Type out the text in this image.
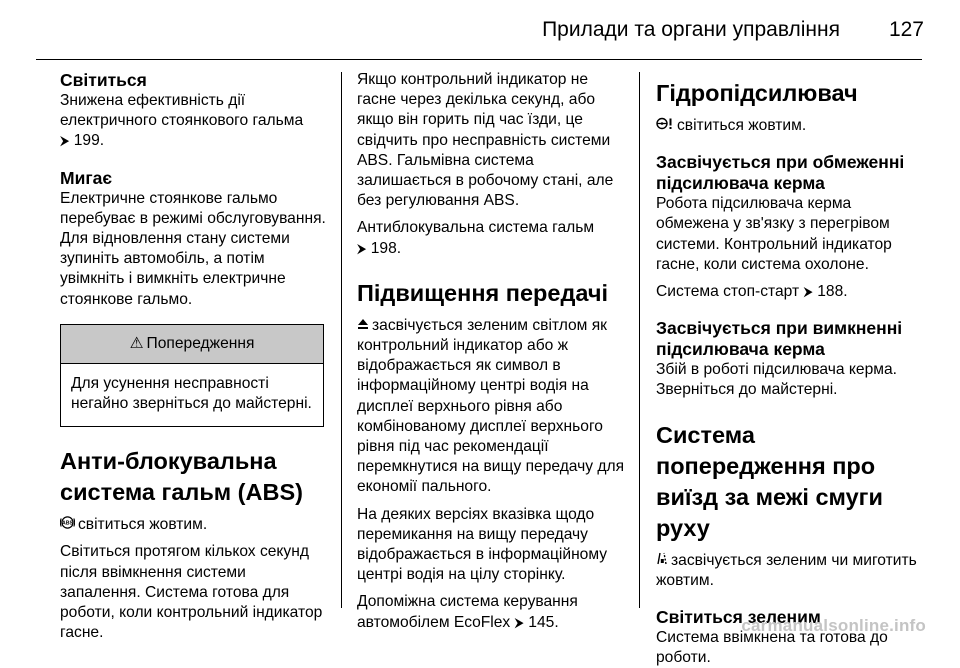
Прилади та органи управління	127

Світиться

Знижена ефективність дії електричного стоянкового гальма
⮞ 199.

Мигає

Електричне стоянкове гальмо перебуває в режимі обслуговування. Для відновлення стану системи зупиніть автомобіль, а потім увімкніть і вимкніть електричне стоянкове гальмо.

⚠ Попередження
Для усунення несправності негайно зверніться до майстерні.

Анти-блокувальна система гальм (ABS)

ABS світиться жовтим.

Світиться протягом кількох секунд після ввімкнення системи запалення. Система готова для роботи, коли контрольний індикатор гасне.

Якщо контрольний індикатор не гасне через декілька секунд, або якщо він горить під час їзди, це свідчить про несправність системи ABS. Гальмівна система залишається в робочому стані, але без регулювання ABS.

Антиблокувальна система гальм
⮞ 198.

Підвищення передачі

засвічується зеленим світлом як контрольний індикатор або ж відображається як символ в інформаційному центрі водія на дисплеї верхнього рівня або комбінованому дисплеї верхнього рівня під час рекомендації перемкнутися на вищу передачу для економії пального.

На деяких версіях вказівка щодо перемикання на вищу передачу відображається в інформаційному центрі водія на цілу сторінку.

Допоміжна система керування автомобілем EcoFlex ⮞ 145.

Гідропідсилювач

світиться жовтим.

Засвічується при обмеженні підсилювача керма

Робота підсилювача керма обмежена у зв'язку з перегрівом системи. Контрольний індикатор гасне, коли система охолоне.

Система стоп-старт ⮞ 188.

Засвічується при вимкненні підсилювача керма

Збій в роботі підсилювача керма. Зверніться до майстерні.

Система попередження про виїзд за межі смуги руху

засвічується зеленим чи миготить жовтим.

Світиться зеленим

Система ввімкнена та готова до роботи.

carmanualsonline.info
